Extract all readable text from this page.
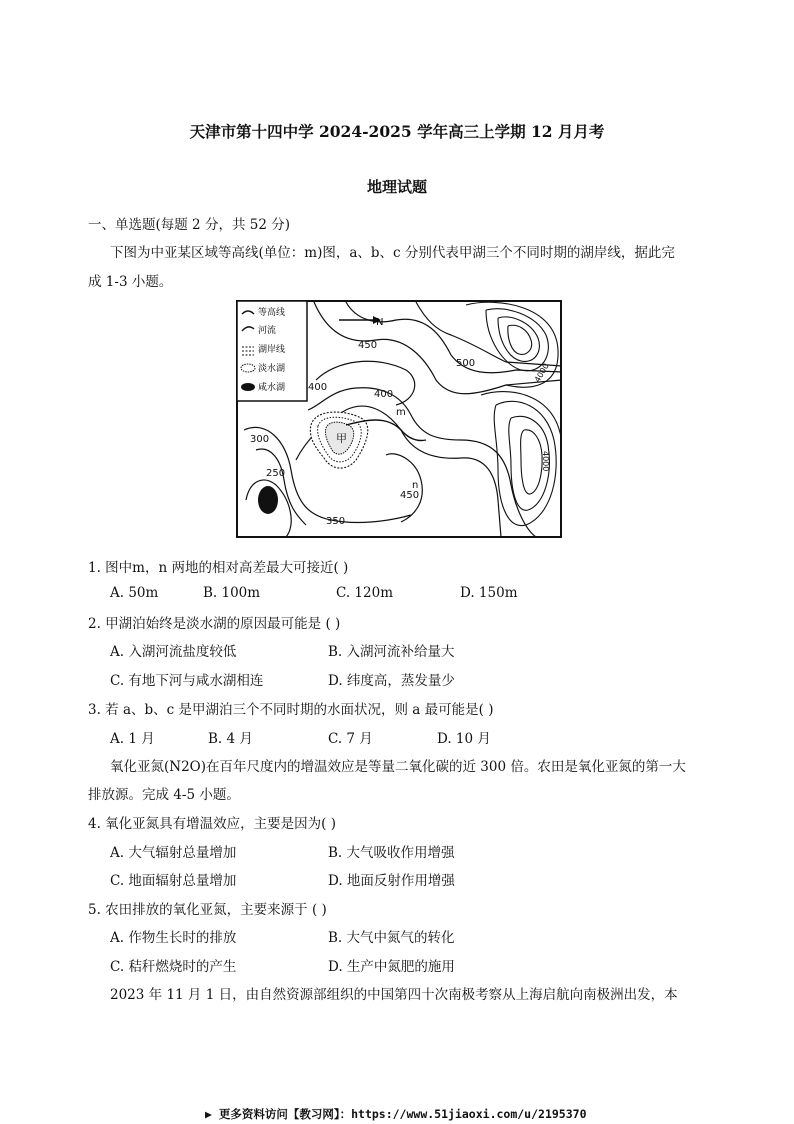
天津市第十四中学 2024-2025 学年高三上学期 12 月月考
地理试题
一、单选题(每题 2 分，共 52 分)
下图为中亚某区域等高线(单位：m)图，a、b、c 分别代表甲湖三个不同时期的湖岸线，据此完
成 1-3 小题。
等高线
河流
湖岸线
淡水湖
咸水湖
N
450
500
400
400
m
4000
300
250
甲
n
450
4000
350
1. 图中m，n 两地的相对高差最大可接近( )
A. 50m	B. 100m	C. 120m	D. 150m
2. 甲湖泊始终是淡水湖的原因最可能是 ( )
A. 入湖河流盐度较低	B. 入湖河流补给量大
C. 有地下河与咸水湖相连	D. 纬度高，蒸发量少
3. 若 a、b、c 是甲湖泊三个不同时期的水面状况，则 a 最可能是( )
A. 1 月	B. 4 月	C. 7 月	D. 10 月
氧化亚氮(N2O)在百年尺度内的增温效应是等量二氧化碳的近 300 倍。农田是氧化亚氮的第一大
排放源。完成 4-5 小题。
4. 氧化亚氮具有增温效应，主要是因为( )
A. 大气辐射总量增加	B. 大气吸收作用增强
C. 地面辐射总量增加	D. 地面反射作用增强
5. 农田排放的氧化亚氮，主要来源于 ( )
A. 作物生长时的排放	B. 大气中氮气的转化
C. 秸秆燃烧时的产生	D. 生产中氮肥的施用
2023 年 11 月 1 日，由自然资源部组织的中国第四十次南极考察从上海启航向南极洲出发，本
▶ 更多资料访问【教习网】：https://www.51jiaoxi.com/u/2195370
